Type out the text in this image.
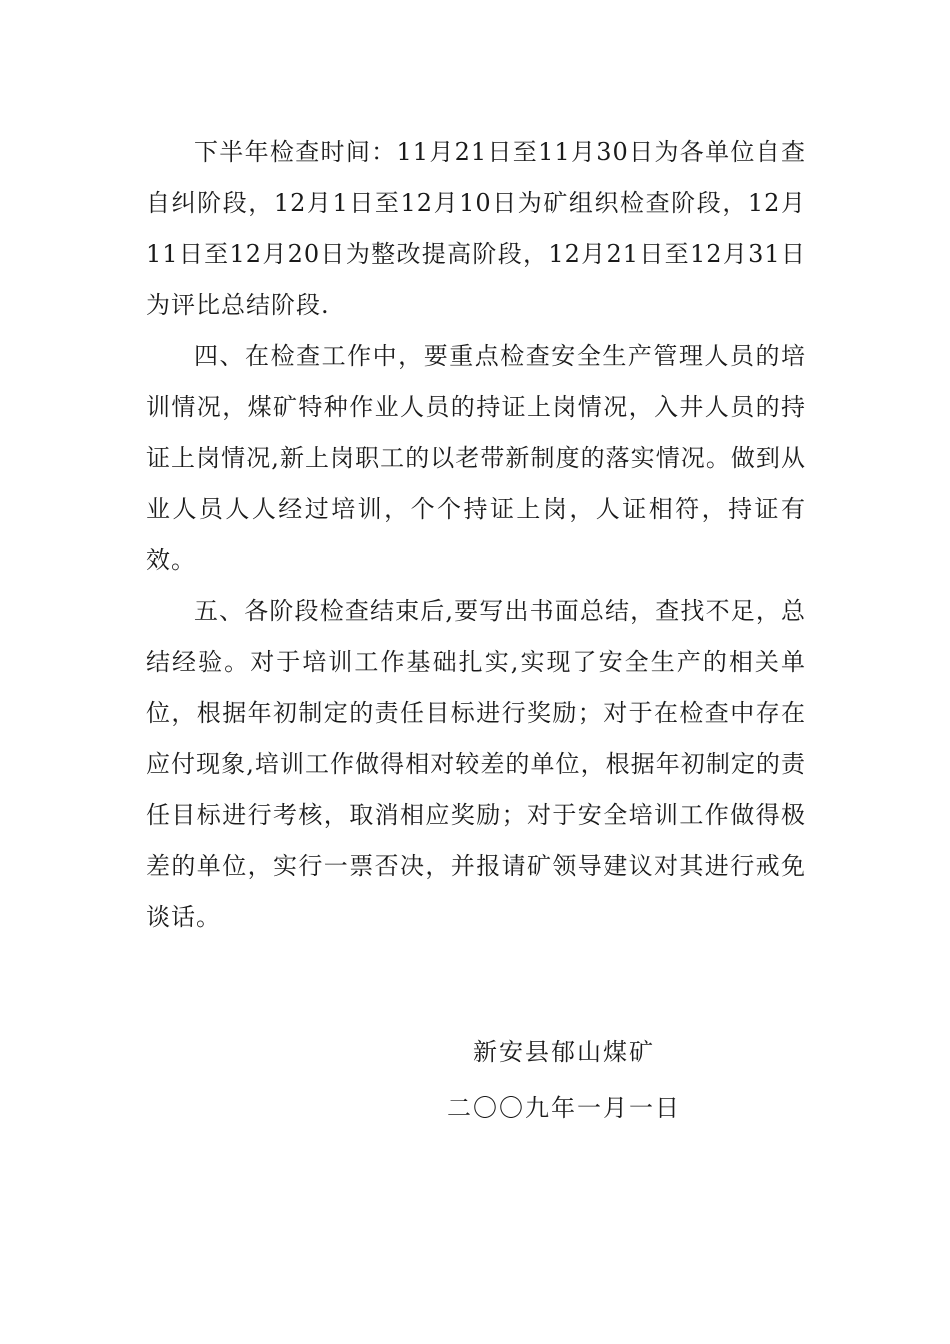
下半年检查时间：11月21日至11月30日为各单位自查自纠阶段，12月1日至12月10日为矿组织检查阶段，12月11日至12月20日为整改提高阶段，12月21日至12月31日为评比总结阶段.

四、在检查工作中，要重点检查安全生产管理人员的培训情况，煤矿特种作业人员的持证上岗情况，入井人员的持证上岗情况,新上岗职工的以老带新制度的落实情况。做到从业人员人人经过培训，个个持证上岗，人证相符，持证有效。

五、各阶段检查结束后,要写出书面总结，查找不足，总结经验。对于培训工作基础扎实,实现了安全生产的相关单位，根据年初制定的责任目标进行奖励；对于在检查中存在应付现象,培训工作做得相对较差的单位，根据年初制定的责任目标进行考核，取消相应奖励；对于安全培训工作做得极差的单位，实行一票否决，并报请矿领导建议对其进行戒免谈话。

新安县郁山煤矿
二〇〇九年一月一日
